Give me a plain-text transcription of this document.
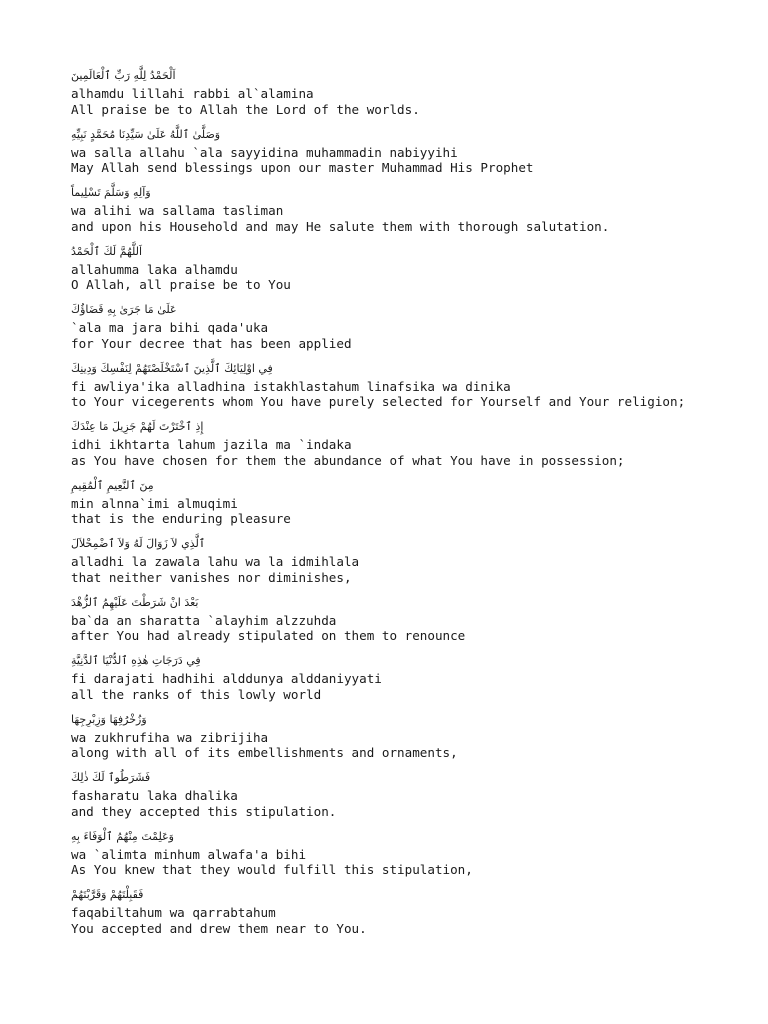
اَلْحَمْدُ لِلَّهِ رَبِّ ٱلْعَالَمِينَ
alhamdu lillahi rabbi al`alamina
All praise be to Allah the Lord of the worlds.
وَصَلَّىٰ ٱللَّهُ عَلَىٰ سَيِّدِنَا مُحَمَّدٍ نَبِيِّهِ
wa salla allahu `ala sayyidina muhammadin nabiyyihi
May Allah send blessings upon our master Muhammad His Prophet
وَآلِهِ وَسَلَّمَ تَسْلِيماً
wa alihi wa sallama tasliman
and upon his Household and may He salute them with thorough salutation.
اَللَّهُمَّ لَكَ ٱلْحَمْدُ
allahumma laka alhamdu
O Allah, all praise be to You
عَلَىٰ مَا جَرَىٰ بِهِ قَضَاؤُكَ
`ala ma jara bihi qada'uka
for Your decree that has been applied
فِي اوْلِيَائِكَ ٱلَّذِينَ ٱسْتَخْلَصْتَهُمْ لِنَفْسِكَ وَدِينِكَ
fi awliya'ika alladhina istakhlastahum linafsika wa dinika
to Your vicegerents whom You have purely selected for Yourself and Your religion;
إِذِ ٱخْتَرْتَ لَهُمْ جَزِيلَ مَا عِنْدَكَ
idhi ikhtarta lahum jazila ma `indaka
as You have chosen for them the abundance of what You have in possession;
مِنَ ٱلنَّعِيمِ ٱلْمُقِيمِ
min alnna`imi almuqimi
that is the enduring pleasure
ٱلَّذِي لاَ زَوَالَ لَهُ وَلاَ ٱضْمِحْلاَلَ
alladhi la zawala lahu wa la idmihlala
that neither vanishes nor diminishes,
بَعْدَ انْ شَرَطْتَ عَلَيْهِمُ ٱلزُّهْدَ
ba`da an sharatta `alayhim alzzuhda
after You had already stipulated on them to renounce
فِي دَرَجَاتِ هٰذِهِ ٱلدُّنْيَا ٱلدَّنِيَّةِ
fi darajati hadhihi alddunya alddaniyyati
all the ranks of this lowly world
وَزُخْرُفِهَا وَزِبْرِجِهَا
wa zukhrufiha wa zibrijiha
along with all of its embellishments and ornaments,
فَشَرَطُوٱ لَكَ ذٰلِكَ
fasharatu laka dhalika
and they accepted this stipulation.
وَعَلِمْتَ مِنْهُمُ ٱلْوَفَاءَ بِهِ
wa `alimta minhum alwafa'a bihi
As You knew that they would fulfill this stipulation,
فَقَبِلْتَهُمْ وَقَرَّبْتَهُمْ
faqabiltahum wa qarrabtahum
You accepted and drew them near to You.
